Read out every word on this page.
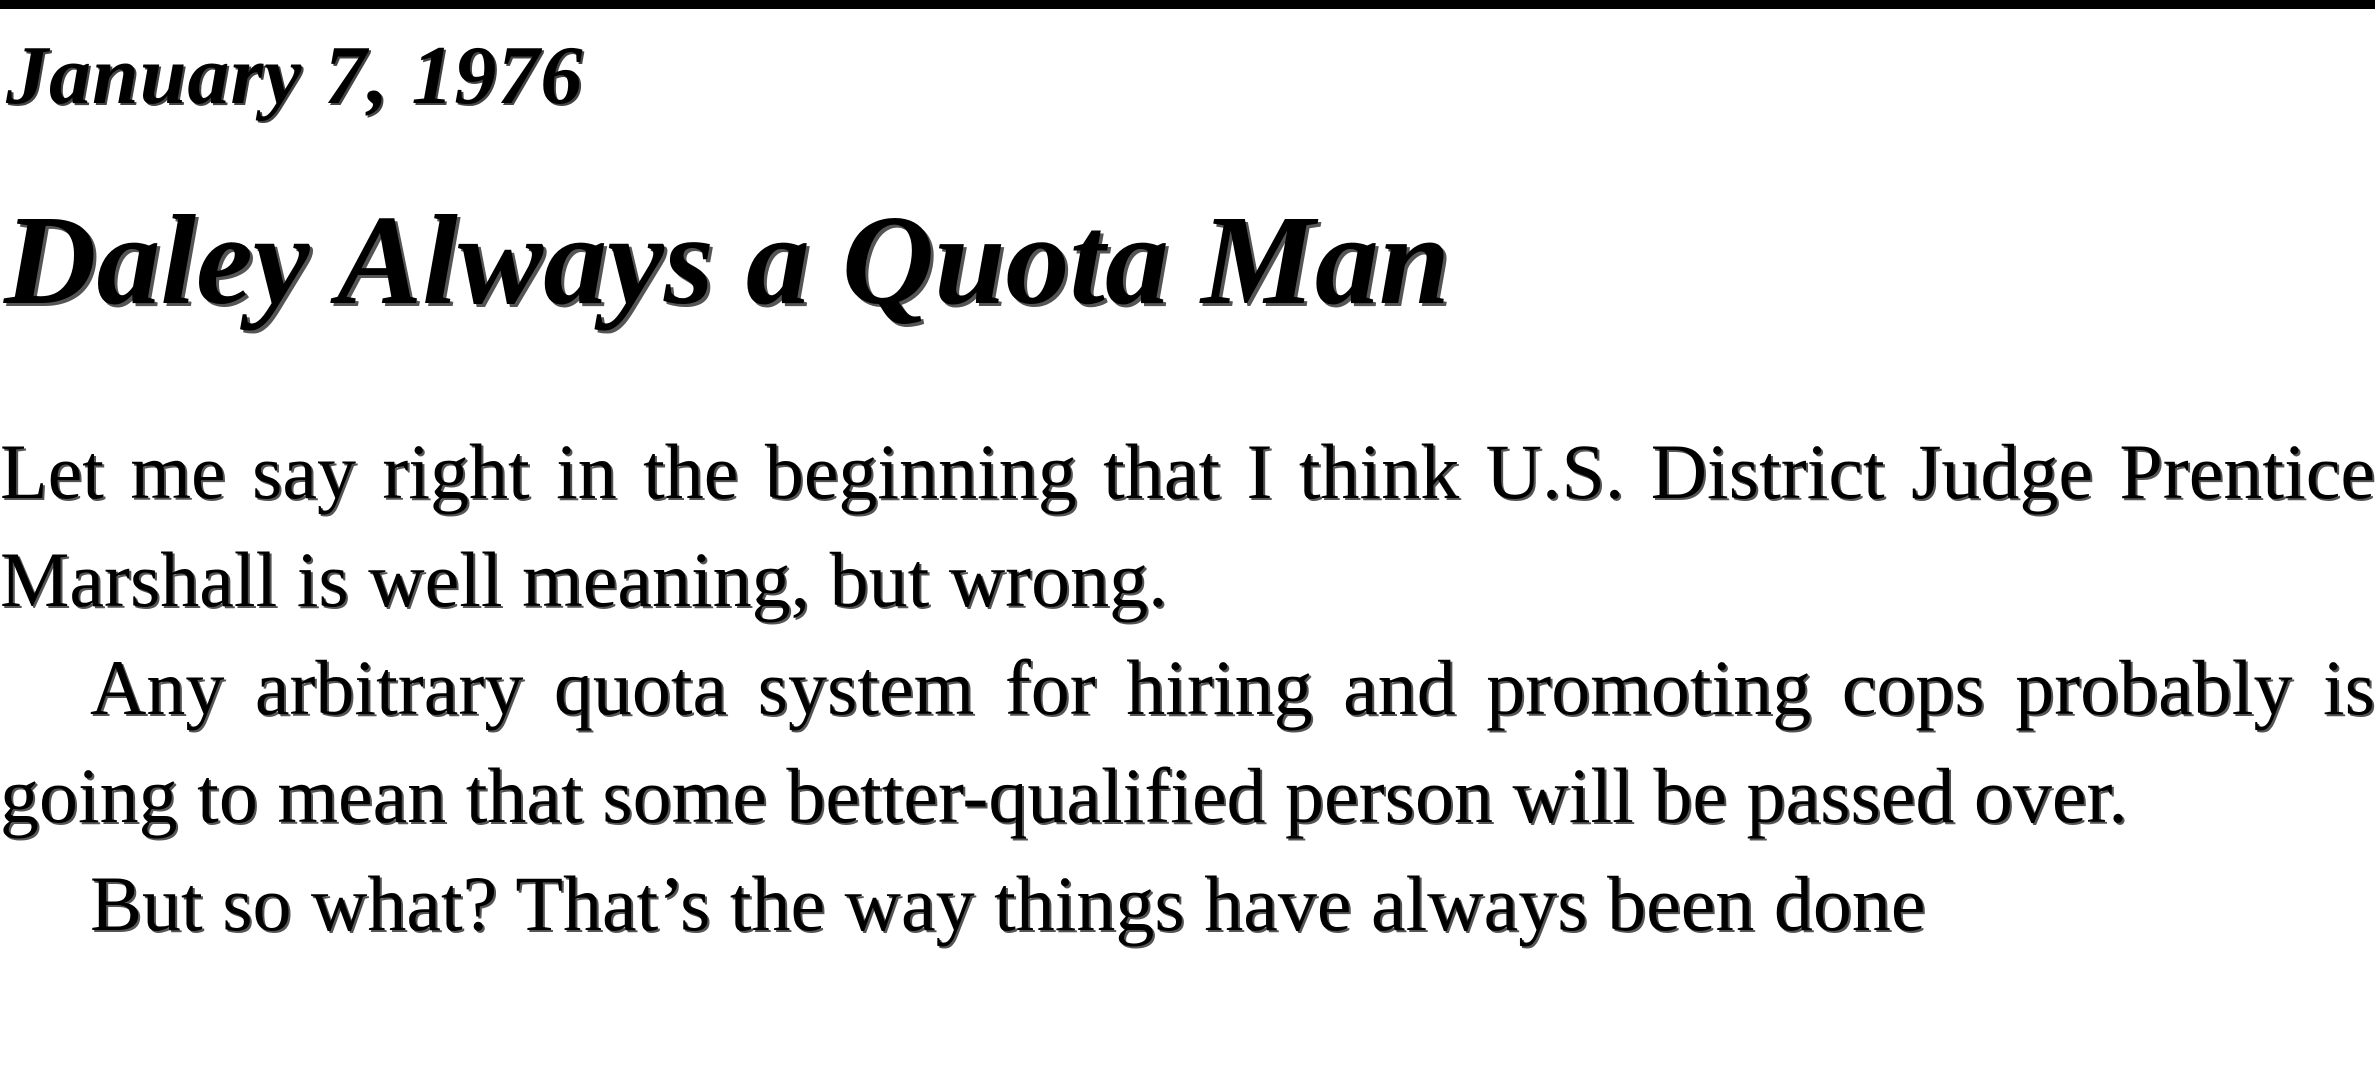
January 7, 1976
Daley Always a Quota Man

Let me say right in the beginning that I think U.S. District Judge Prentice Marshall is well meaning, but wrong.

Any arbitrary quota system for hiring and promoting cops probably is going to mean that some better-qualified person will be passed over.

But so what? That’s the way things have always been done
